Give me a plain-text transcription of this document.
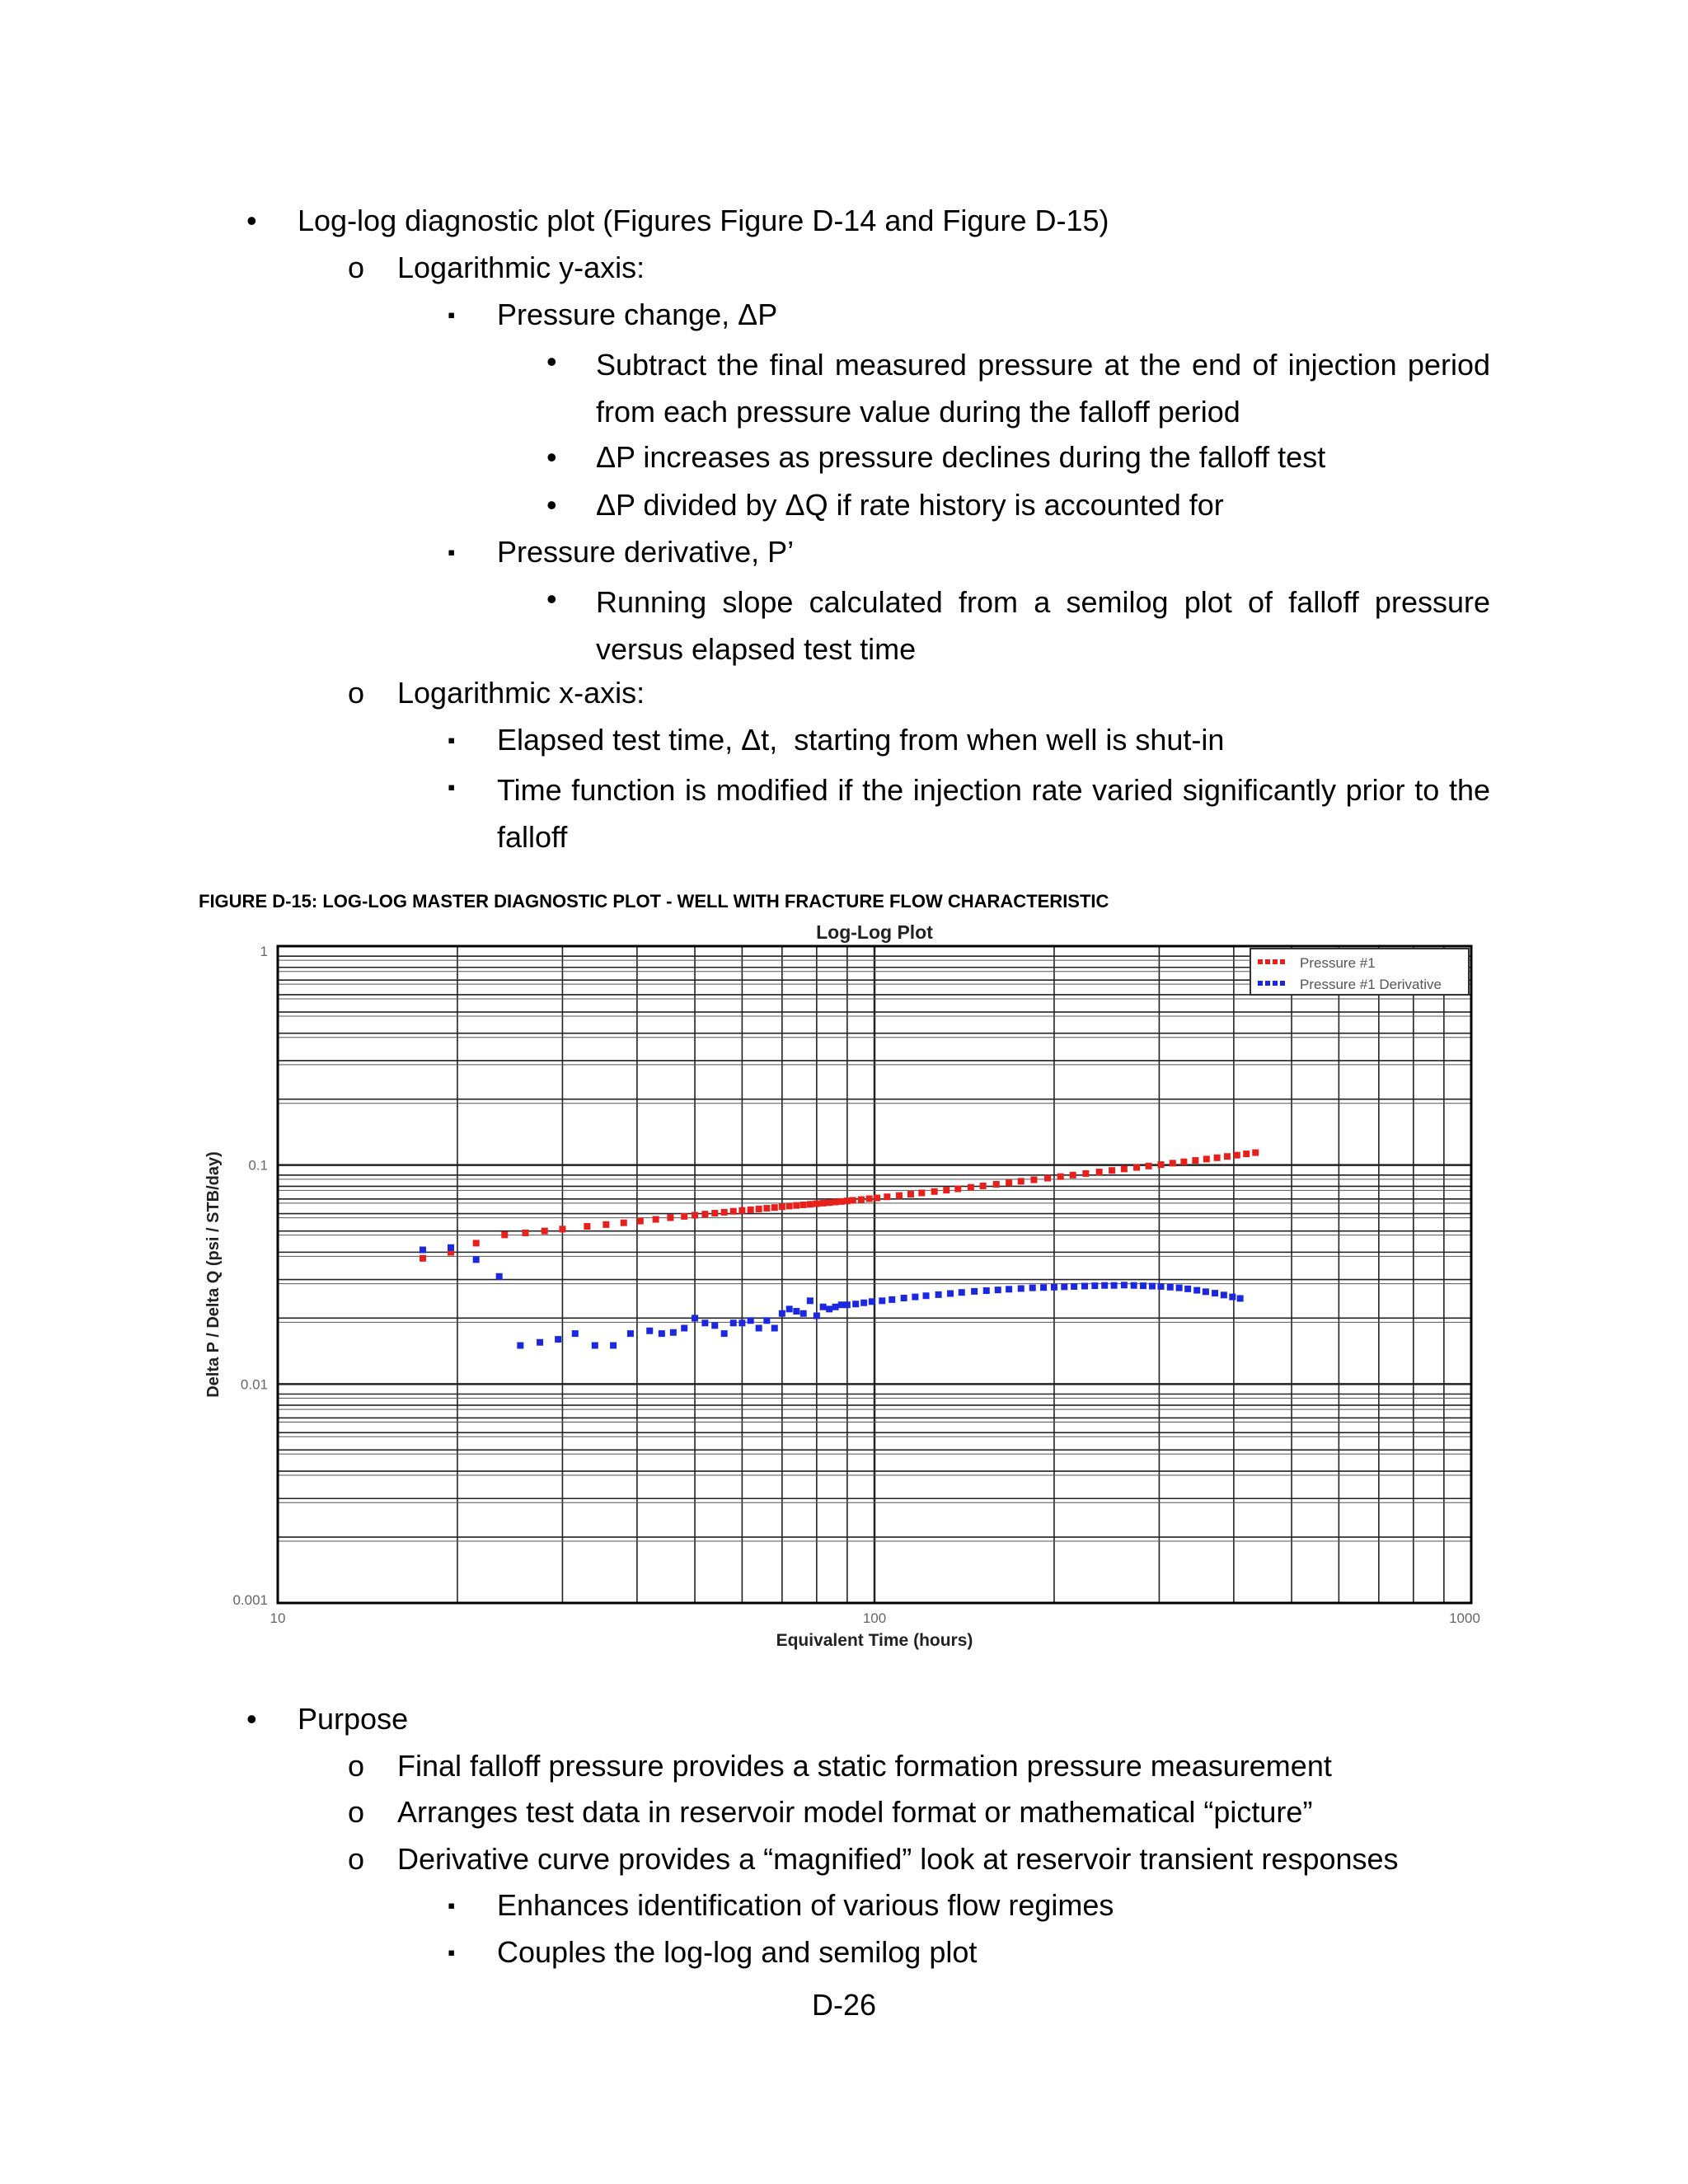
• Log-log diagnostic plot (Figures Figure D-14 and Figure D-15)
o Logarithmic y-axis:
▪ Pressure change, ΔP
• Subtract the final measured pressure at the end of injection period from each pressure value during the falloff period
• ΔP increases as pressure declines during the falloff test
• ΔP divided by ΔQ if rate history is accounted for
▪ Pressure derivative, P’
• Running slope calculated from a semilog plot of falloff pressure versus elapsed test time
o Logarithmic x-axis:
▪ Elapsed test time, Δt,  starting from when well is shut-in
▪ Time function is modified if the injection rate varied significantly prior to the falloff
FIGURE D-15: LOG-LOG MASTER DIAGNOSTIC PLOT - WELL WITH FRACTURE FLOW CHARACTERISTIC
10	100	1000
0.001
0.01
0.1
1
Pressure #1
Pressure #1 Derivative
Log-Log Plot
Equivalent Time (hours)
Delta P / Delta Q (psi / STB/day)
• Purpose
o Final falloff pressure provides a static formation pressure measurement
o Arranges test data in reservoir model format or mathematical “picture”
o Derivative curve provides a “magnified” look at reservoir transient responses
▪ Enhances identification of various flow regimes
▪ Couples the log-log and semilog plot
D-26
